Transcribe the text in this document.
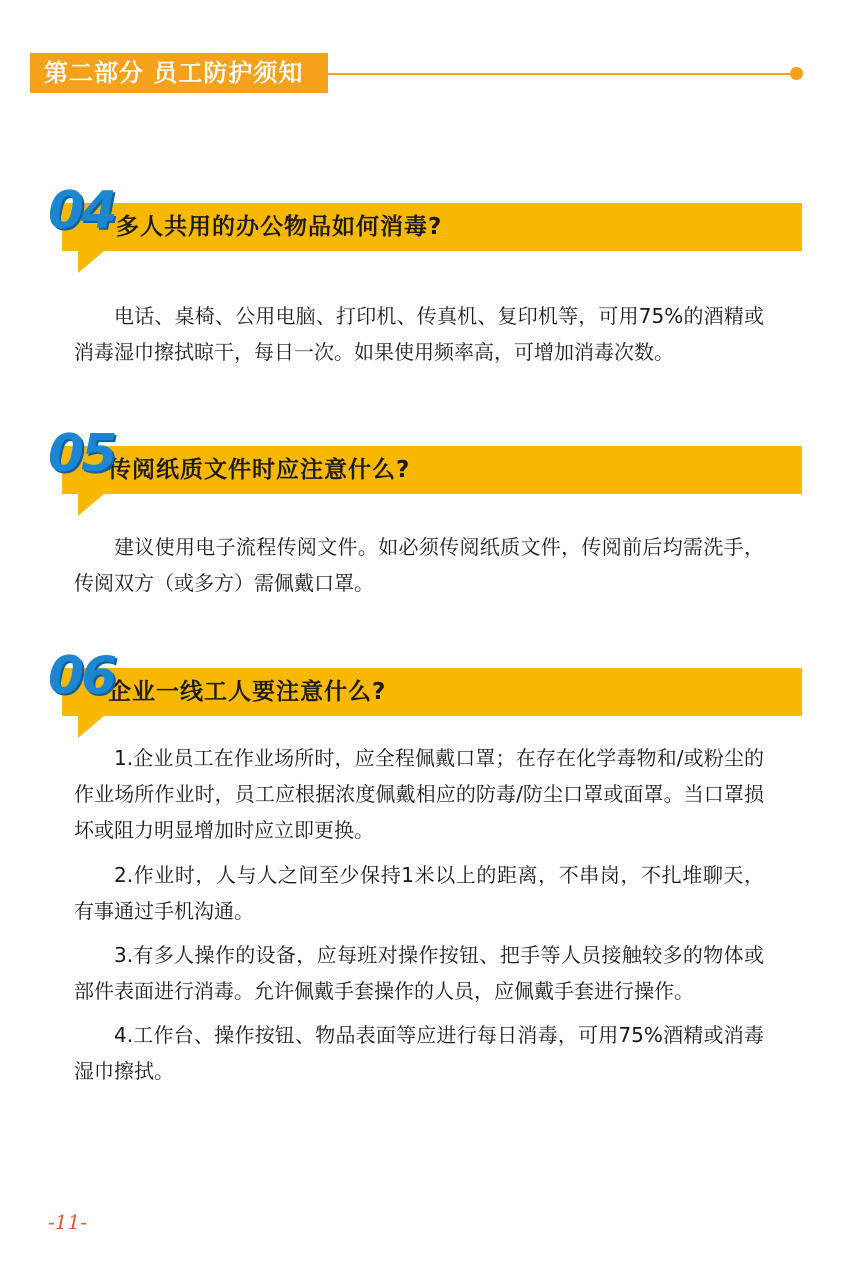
第二部分 员工防护须知
多人共用的办公物品如何消毒?
04

电话、桌椅、公用电脑、打印机、传真机、复印机等，可用75%的酒精或消毒湿巾擦拭晾干，每日一次。如果使用频率高，可增加消毒次数。

传阅纸质文件时应注意什么?
05

建议使用电子流程传阅文件。如必须传阅纸质文件，传阅前后均需洗手，传阅双方（或多方）需佩戴口罩。

企业一线工人要注意什么?
06

1.企业员工在作业场所时，应全程佩戴口罩；在存在化学毒物和/或粉尘的作业场所作业时，员工应根据浓度佩戴相应的防毒/防尘口罩或面罩。当口罩损坏或阻力明显增加时应立即更换。

2.作业时，人与人之间至少保持1米以上的距离，不串岗，不扎堆聊天，有事通过手机沟通。

3.有多人操作的设备，应每班对操作按钮、把手等人员接触较多的物体或部件表面进行消毒。允许佩戴手套操作的人员，应佩戴手套进行操作。

4.工作台、操作按钮、物品表面等应进行每日消毒，可用75%酒精或消毒湿巾擦拭。

-11-
